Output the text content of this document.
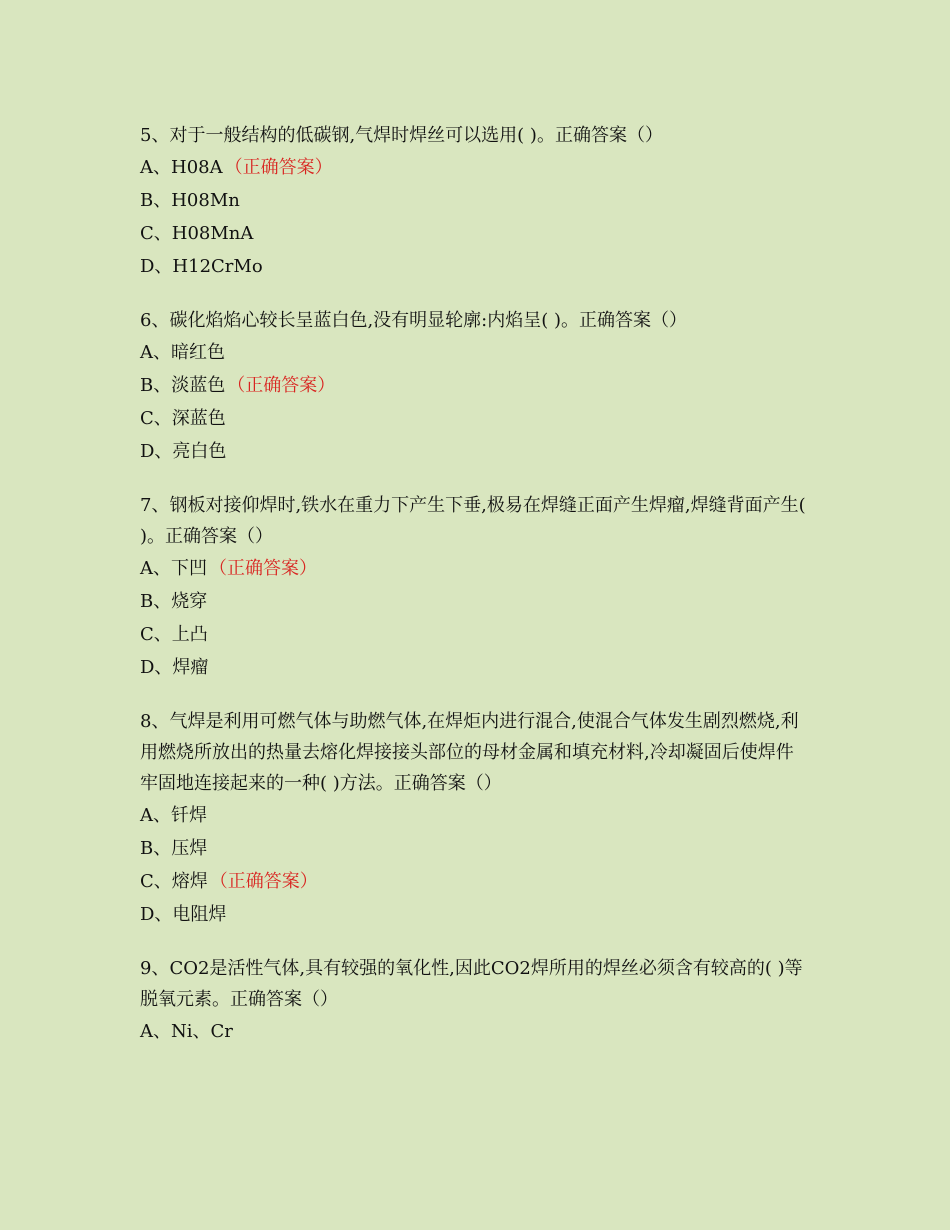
5、对于一般结构的低碳钢,气焊时焊丝可以选用( )。正确答案（）
A、H08A （正确答案）
B、H08Mn
C、H08MnA
D、H12CrMo
6、碳化焰焰心较长呈蓝白色,没有明显轮廓:内焰呈( )。正确答案（）
A、暗红色
B、淡蓝色 （正确答案）
C、深蓝色
D、亮白色
7、钢板对接仰焊时,铁水在重力下产生下垂,极易在焊缝正面产生焊瘤,焊缝背面产生( )。正确答案（）
A、下凹 （正确答案）
B、烧穿
C、上凸
D、焊瘤
8、气焊是利用可燃气体与助燃气体,在焊炬内进行混合,使混合气体发生剧烈燃烧,利用燃烧所放出的热量去熔化焊接接头部位的母材金属和填充材料,冷却凝固后使焊件牢固地连接起来的一种( )方法。正确答案（）
A、钎焊
B、压焊
C、熔焊 （正确答案）
D、电阻焊
9、CO2是活性气体,具有较强的氧化性,因此CO2焊所用的焊丝必须含有较高的( )等脱氧元素。正确答案（）
A、Ni、Cr
